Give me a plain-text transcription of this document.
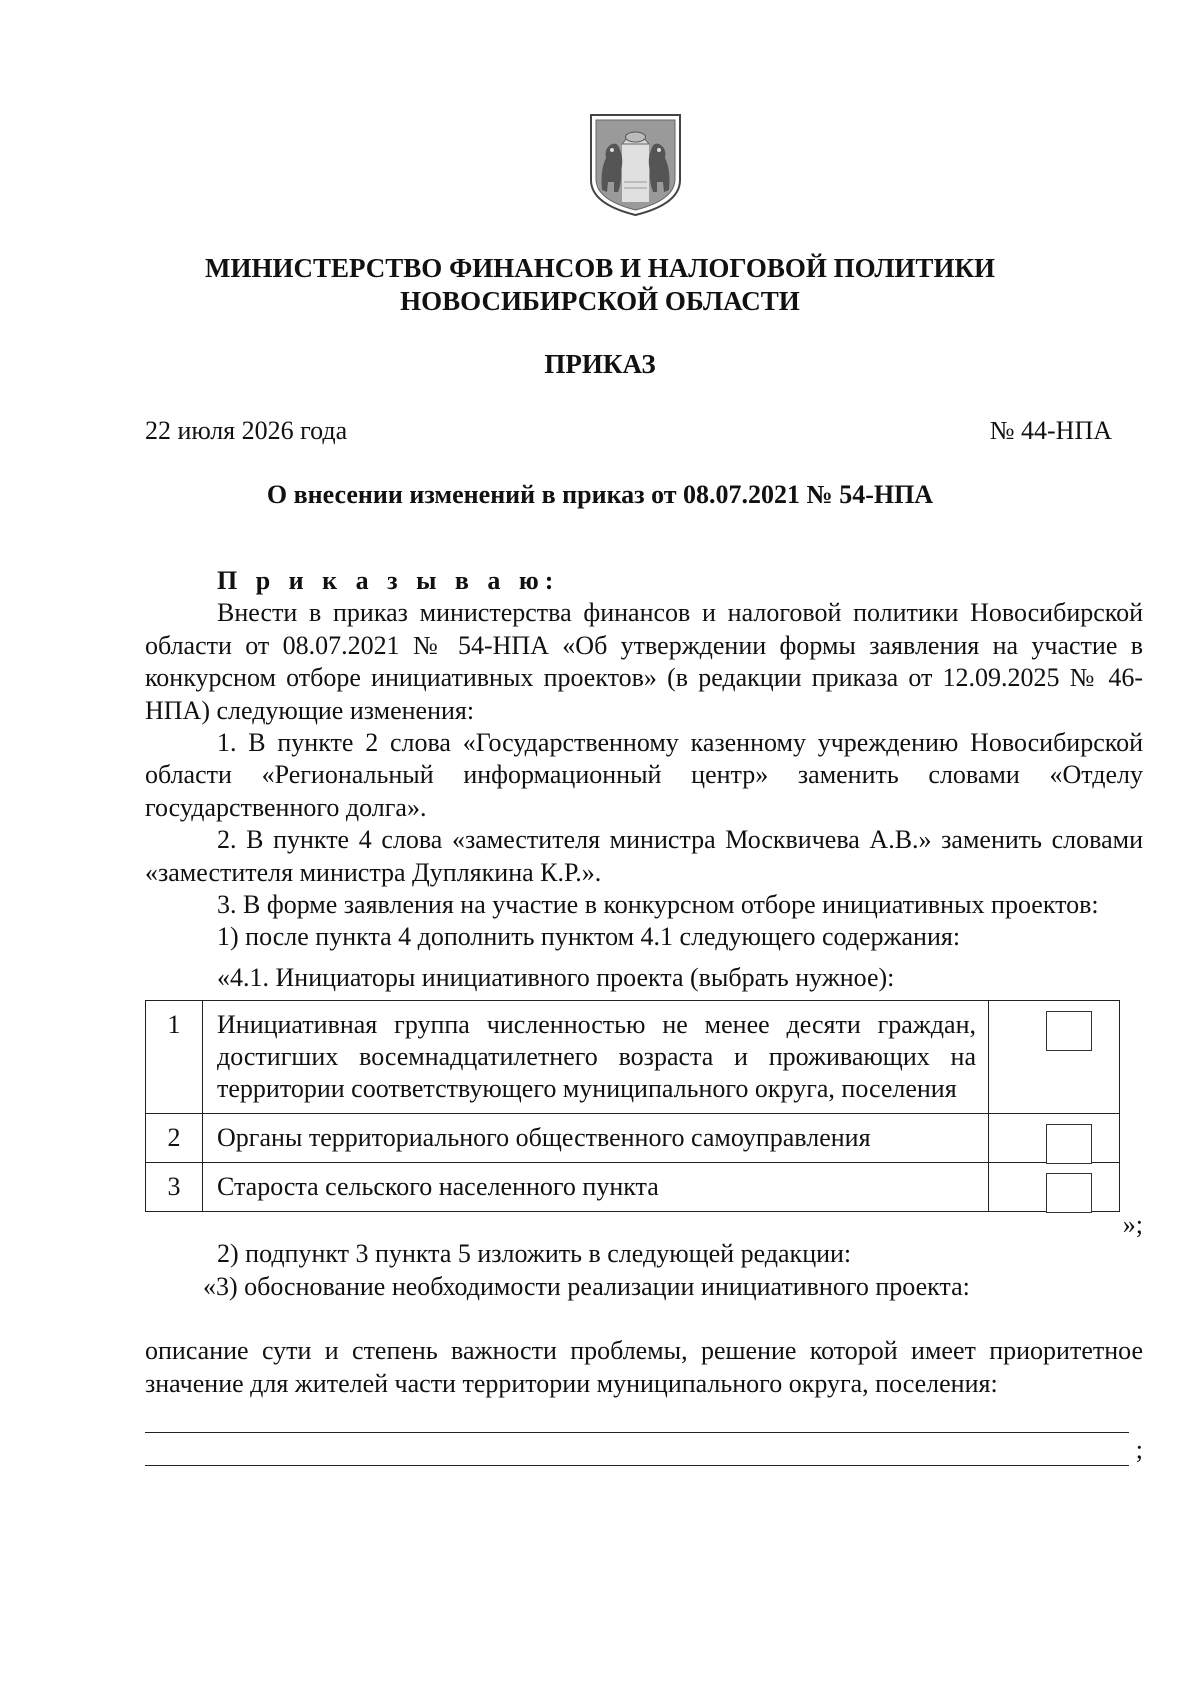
МИНИСТЕРСТВО ФИНАНСОВ И НАЛОГОВОЙ ПОЛИТИКИ
НОВОСИБИРСКОЙ ОБЛАСТИ
ПРИКАЗ
22 июля 2026 года	№ 44-НПА
О внесении изменений в приказ от 08.07.2021 № 54-НПА

П р и к а з ы в а ю:

Внести в приказ министерства финансов и налоговой политики Новосибирской области от 08.07.2021 № 54-НПА «Об утверждении формы заявления на участие в конкурсном отборе инициативных проектов» (в редакции приказа от 12.09.2025 № 46-НПА) следующие изменения:

1. В пункте 2 слова «Государственному казенному учреждению Новосибирской области «Региональный информационный центр» заменить словами «Отделу государственного долга».

2. В пункте 4 слова «заместителя министра Москвичева А.В.» заменить словами «заместителя министра Дуплякина К.Р.».

3. В форме заявления на участие в конкурсном отборе инициативных проектов:

1) после пункта 4 дополнить пунктом 4.1 следующего содержания:

«4.1. Инициаторы инициативного проекта (выбрать нужное):

1	Инициативная группа численностью не менее десяти граждан, достигших восемнадцатилетнего возраста и проживающих на территории соответствующего муниципального округа, поселения	

2	Органы территориального общественного самоуправления	

3	Староста сельского населенного пункта	
»;

2) подпункт 3 пункта 5 изложить в следующей редакции:

«3) обоснование необходимости реализации инициативного проекта:

описание сути и степень важности проблемы, решение которой имеет приоритетное значение для жителей части территории муниципального округа, поселения:

;
